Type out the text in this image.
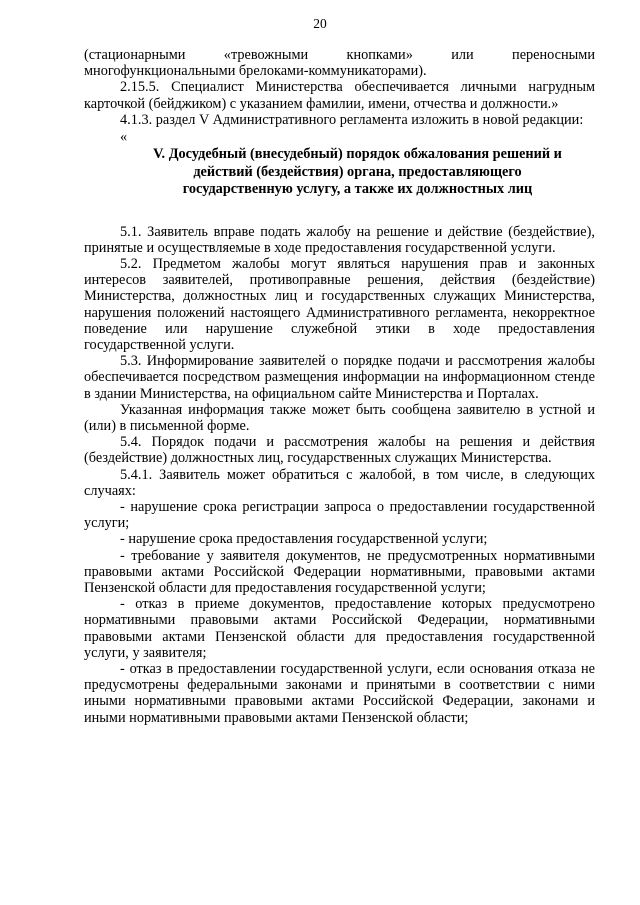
20

(стационарными «тревожными кнопками» или переносными многофункциональными брелоками-коммуникаторами).

2.15.5. Специалист Министерства обеспечивается личными нагрудным карточкой (бейджиком) с указанием фамилии, имени, отчества и должности.»

4.1.3. раздел V Административного регламента изложить в новой редакции:

«

V. Досудебный (внесудебный) порядок обжалования решений и
действий (бездействия) органа, предоставляющего
государственную услугу, а также их должностных лиц

5.1. Заявитель вправе подать жалобу на решение и действие (бездействие), принятые и осуществляемые в ходе предоставления государственной услуги.

5.2. Предметом жалобы могут являться нарушения прав и законных интересов заявителей, противоправные решения, действия (бездействие) Министерства, должностных лиц и государственных служащих Министерства, нарушения положений настоящего Административного регламента, некорректное поведение или нарушение служебной этики в ходе предоставления государственной услуги.

5.3. Информирование заявителей о порядке подачи и рассмотрения жалобы обеспечивается посредством размещения информации на информационном стенде в здании Министерства, на официальном сайте Министерства и Порталах.

Указанная информация также может быть сообщена заявителю в устной и (или) в письменной форме.

5.4. Порядок подачи и рассмотрения жалобы на решения и действия (бездействие) должностных лиц, государственных служащих Министерства.

5.4.1. Заявитель может обратиться с жалобой, в том числе, в следующих случаях:

- нарушение срока регистрации запроса о предоставлении государственной услуги;

- нарушение срока предоставления государственной услуги;

- требование у заявителя документов, не предусмотренных нормативными правовыми актами Российской Федерации нормативными, правовыми актами Пензенской области для предоставления государственной услуги;

- отказ в приеме документов, предоставление которых предусмотрено нормативными правовыми актами Российской Федерации, нормативными правовыми актами Пензенской области для предоставления государственной услуги, у заявителя;

- отказ в предоставлении государственной услуги, если основания отказа не предусмотрены федеральными законами и принятыми в соответствии с ними иными нормативными правовыми актами Российской Федерации, законами и иными нормативными правовыми актами Пензенской области;
